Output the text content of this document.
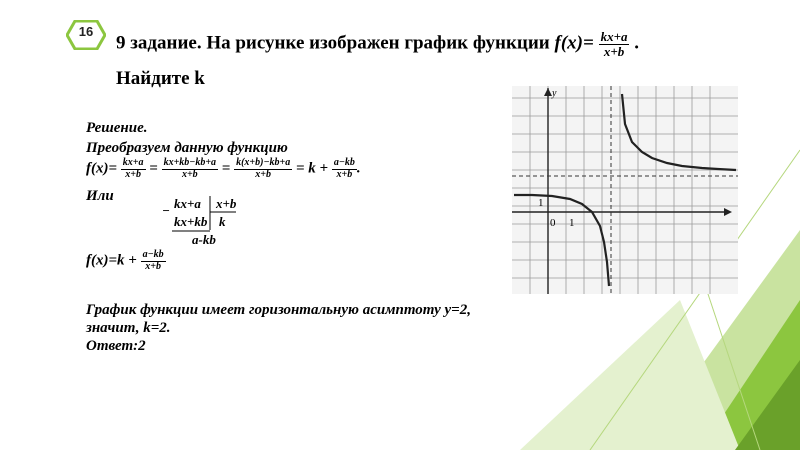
16
9 задание. На рисунке изображен график функции $f(x)= \frac{kx+a}{x+b}$ .
Найдите k
Решение.
Преобразуем данную функцию
$f(x)= \frac{kx+a}{x+b} = \frac{kx+kb-kb+a}{x+b} = \frac{k(x+b)-kb+a}{x+b} = k + \frac{a-kb}{x+b}$ .
Или
− kx+a x+b
kx+kb k
a-kb
$f(x)=k + \frac{a-kb}{x+b}$
График функции имеет горизонтальную асимптоту y=2,
значит, k=2.
Ответ:2
y
1
0 1
